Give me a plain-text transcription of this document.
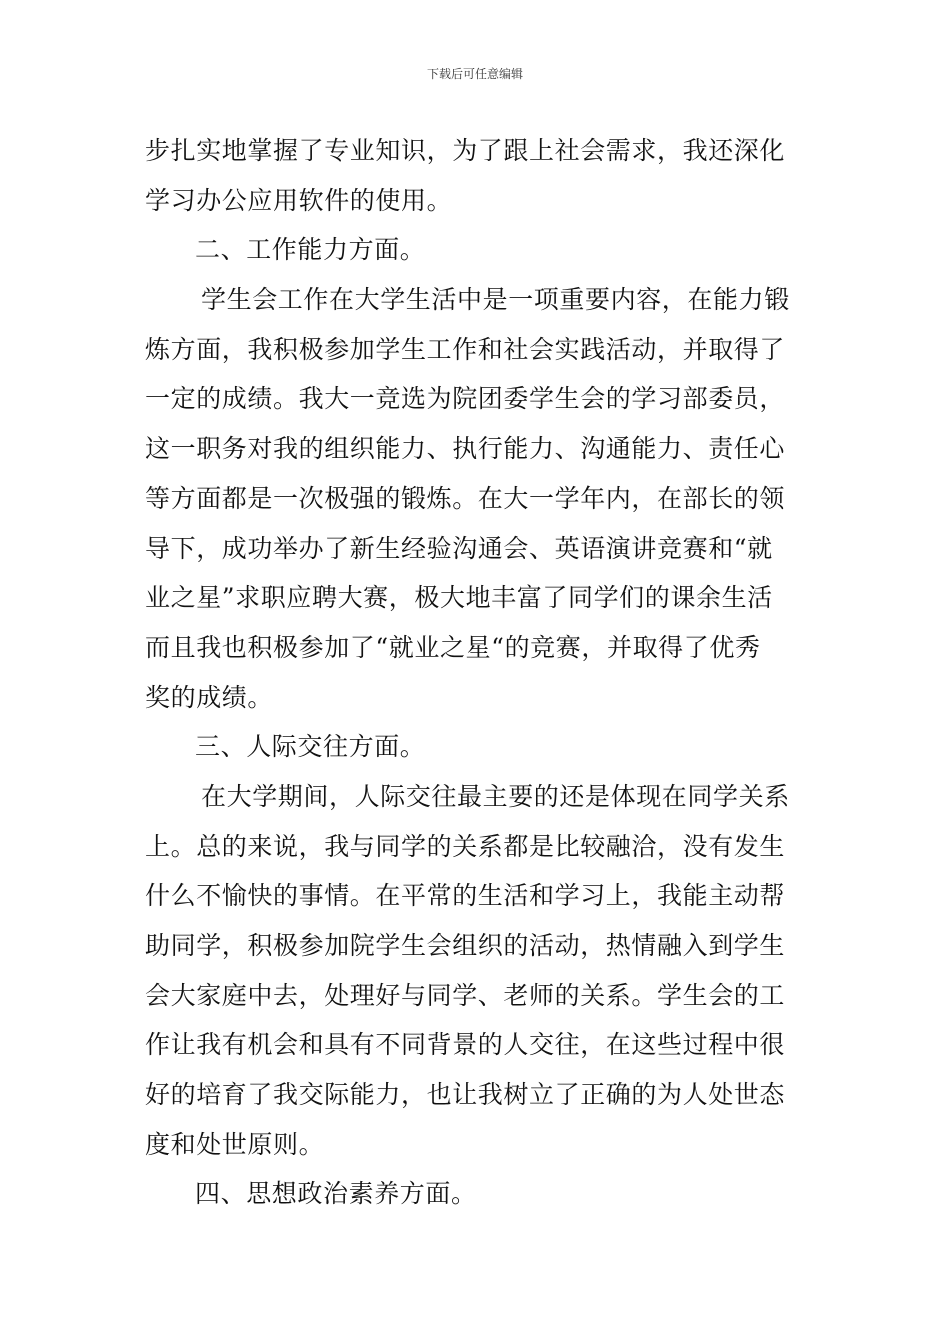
下载后可任意编辑
步扎实地掌握了专业知识，为了跟上社会需求，我还深化
学习办公应用软件的使用。
二、工作能力方面。
学生会工作在大学生活中是一项重要内容，在能力锻
炼方面，我积极参加学生工作和社会实践活动，并取得了
一定的成绩。我大一竞选为院团委学生会的学习部委员，
这一职务对我的组织能力、执行能力、沟通能力、责任心
等方面都是一次极强的锻炼。在大一学年内，在部长的领
导下，成功举办了新生经验沟通会、英语演讲竞赛和“就
业之星”求职应聘大赛，极大地丰富了同学们的课余生活
而且我也积极参加了“就业之星“的竞赛，并取得了优秀
奖的成绩。
三、人际交往方面。
在大学期间，人际交往最主要的还是体现在同学关系
上。总的来说，我与同学的关系都是比较融洽，没有发生
什么不愉快的事情。在平常的生活和学习上，我能主动帮
助同学，积极参加院学生会组织的活动，热情融入到学生
会大家庭中去，处理好与同学、老师的关系。学生会的工
作让我有机会和具有不同背景的人交往，在这些过程中很
好的培育了我交际能力，也让我树立了正确的为人处世态
度和处世原则。
四、思想政治素养方面。
